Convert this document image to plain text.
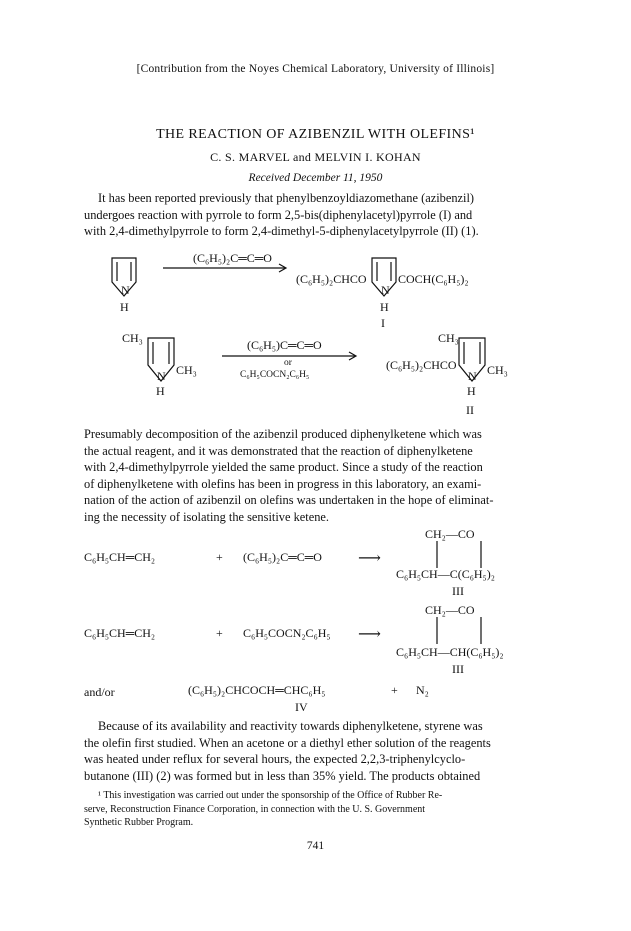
[Contribution from the Noyes Chemical Laboratory, University of Illinois]
THE REACTION OF AZIBENZIL WITH OLEFINS¹
C. S. MARVEL and MELVIN I. KOHAN
Received December 11, 1950
It has been reported previously that phenylbenzoyldiazomethane (azibenzil)
undergoes reaction with pyrrole to form 2,5-bis(diphenylacetyl)pyrrole (I) and
with 2,4-dimethylpyrrole to form 2,4-dimethyl-5-diphenylacetylpyrrole (II) (1).
(C₆H₅)₂C═C═O
N
H
(C₆H₅)₂CHCO	COCH(C₆H₅)₂
N
H
I
CH₃
CH₃
N
H
(C₆H₅)C═C═O
or
C₆H₅COCN₂C₆H₅
CH₃
(C₆H₅)₂CHCO	CH₃
N
H
II
Presumably decomposition of the azibenzil produced diphenylketene which was
the actual reagent, and it was demonstrated that the reaction of diphenylketene
with 2,4-dimethylpyrrole yielded the same product. Since a study of the reaction
of diphenylketene with olefins has been in progress in this laboratory, an exami-
nation of the action of azibenzil on olefins was undertaken in the hope of eliminat-
ing the necessity of isolating the sensitive ketene.
CH₂—CO
C₆H₅CH═CH₂	+ (C₆H₅)₂C═C═O ⟶
C₆H₅CH—C(C₆H₅)₂
III
CH₂—CO
C₆H₅CH═CH₂	+ C₆H₅COCN₂C₆H₅ ⟶
C₆H₅CH—CH(C₆H₅)₂
III
and/or	(C₆H₅)₂CHCOCH═CHC₆H₅	+ N₂
IV
Because of its availability and reactivity towards diphenylketene, styrene was
the olefin first studied. When an acetone or a diethyl ether solution of the reagents
was heated under reflux for several hours, the expected 2,2,3-triphenylcyclo-
butanone (III) (2) was formed but in less than 35% yield. The products obtained
¹ This investigation was carried out under the sponsorship of the Office of Rubber Re-
serve, Reconstruction Finance Corporation, in connection with the U. S. Government
Synthetic Rubber Program.
741
